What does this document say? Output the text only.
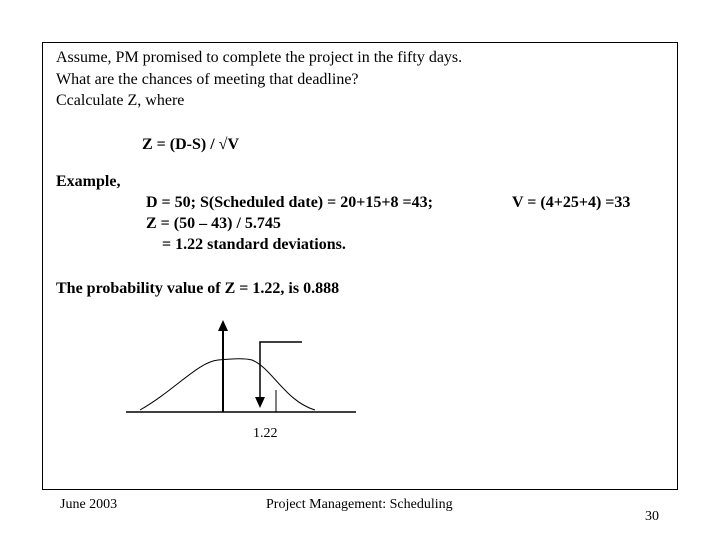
Assume, PM promised to complete the project in the fifty days.
What are the chances of meeting that deadline?
Ccalculate Z, where
Z = (D-S) / √V
Example,
D = 50; S(Scheduled date) = 20+15+8 =43;	V = (4+25+4) =33
Z = (50 – 43) / 5.745
= 1.22 standard deviations.
The probability value of Z = 1.22, is 0.888
1.22
June 2003	Project Management: Scheduling
30
